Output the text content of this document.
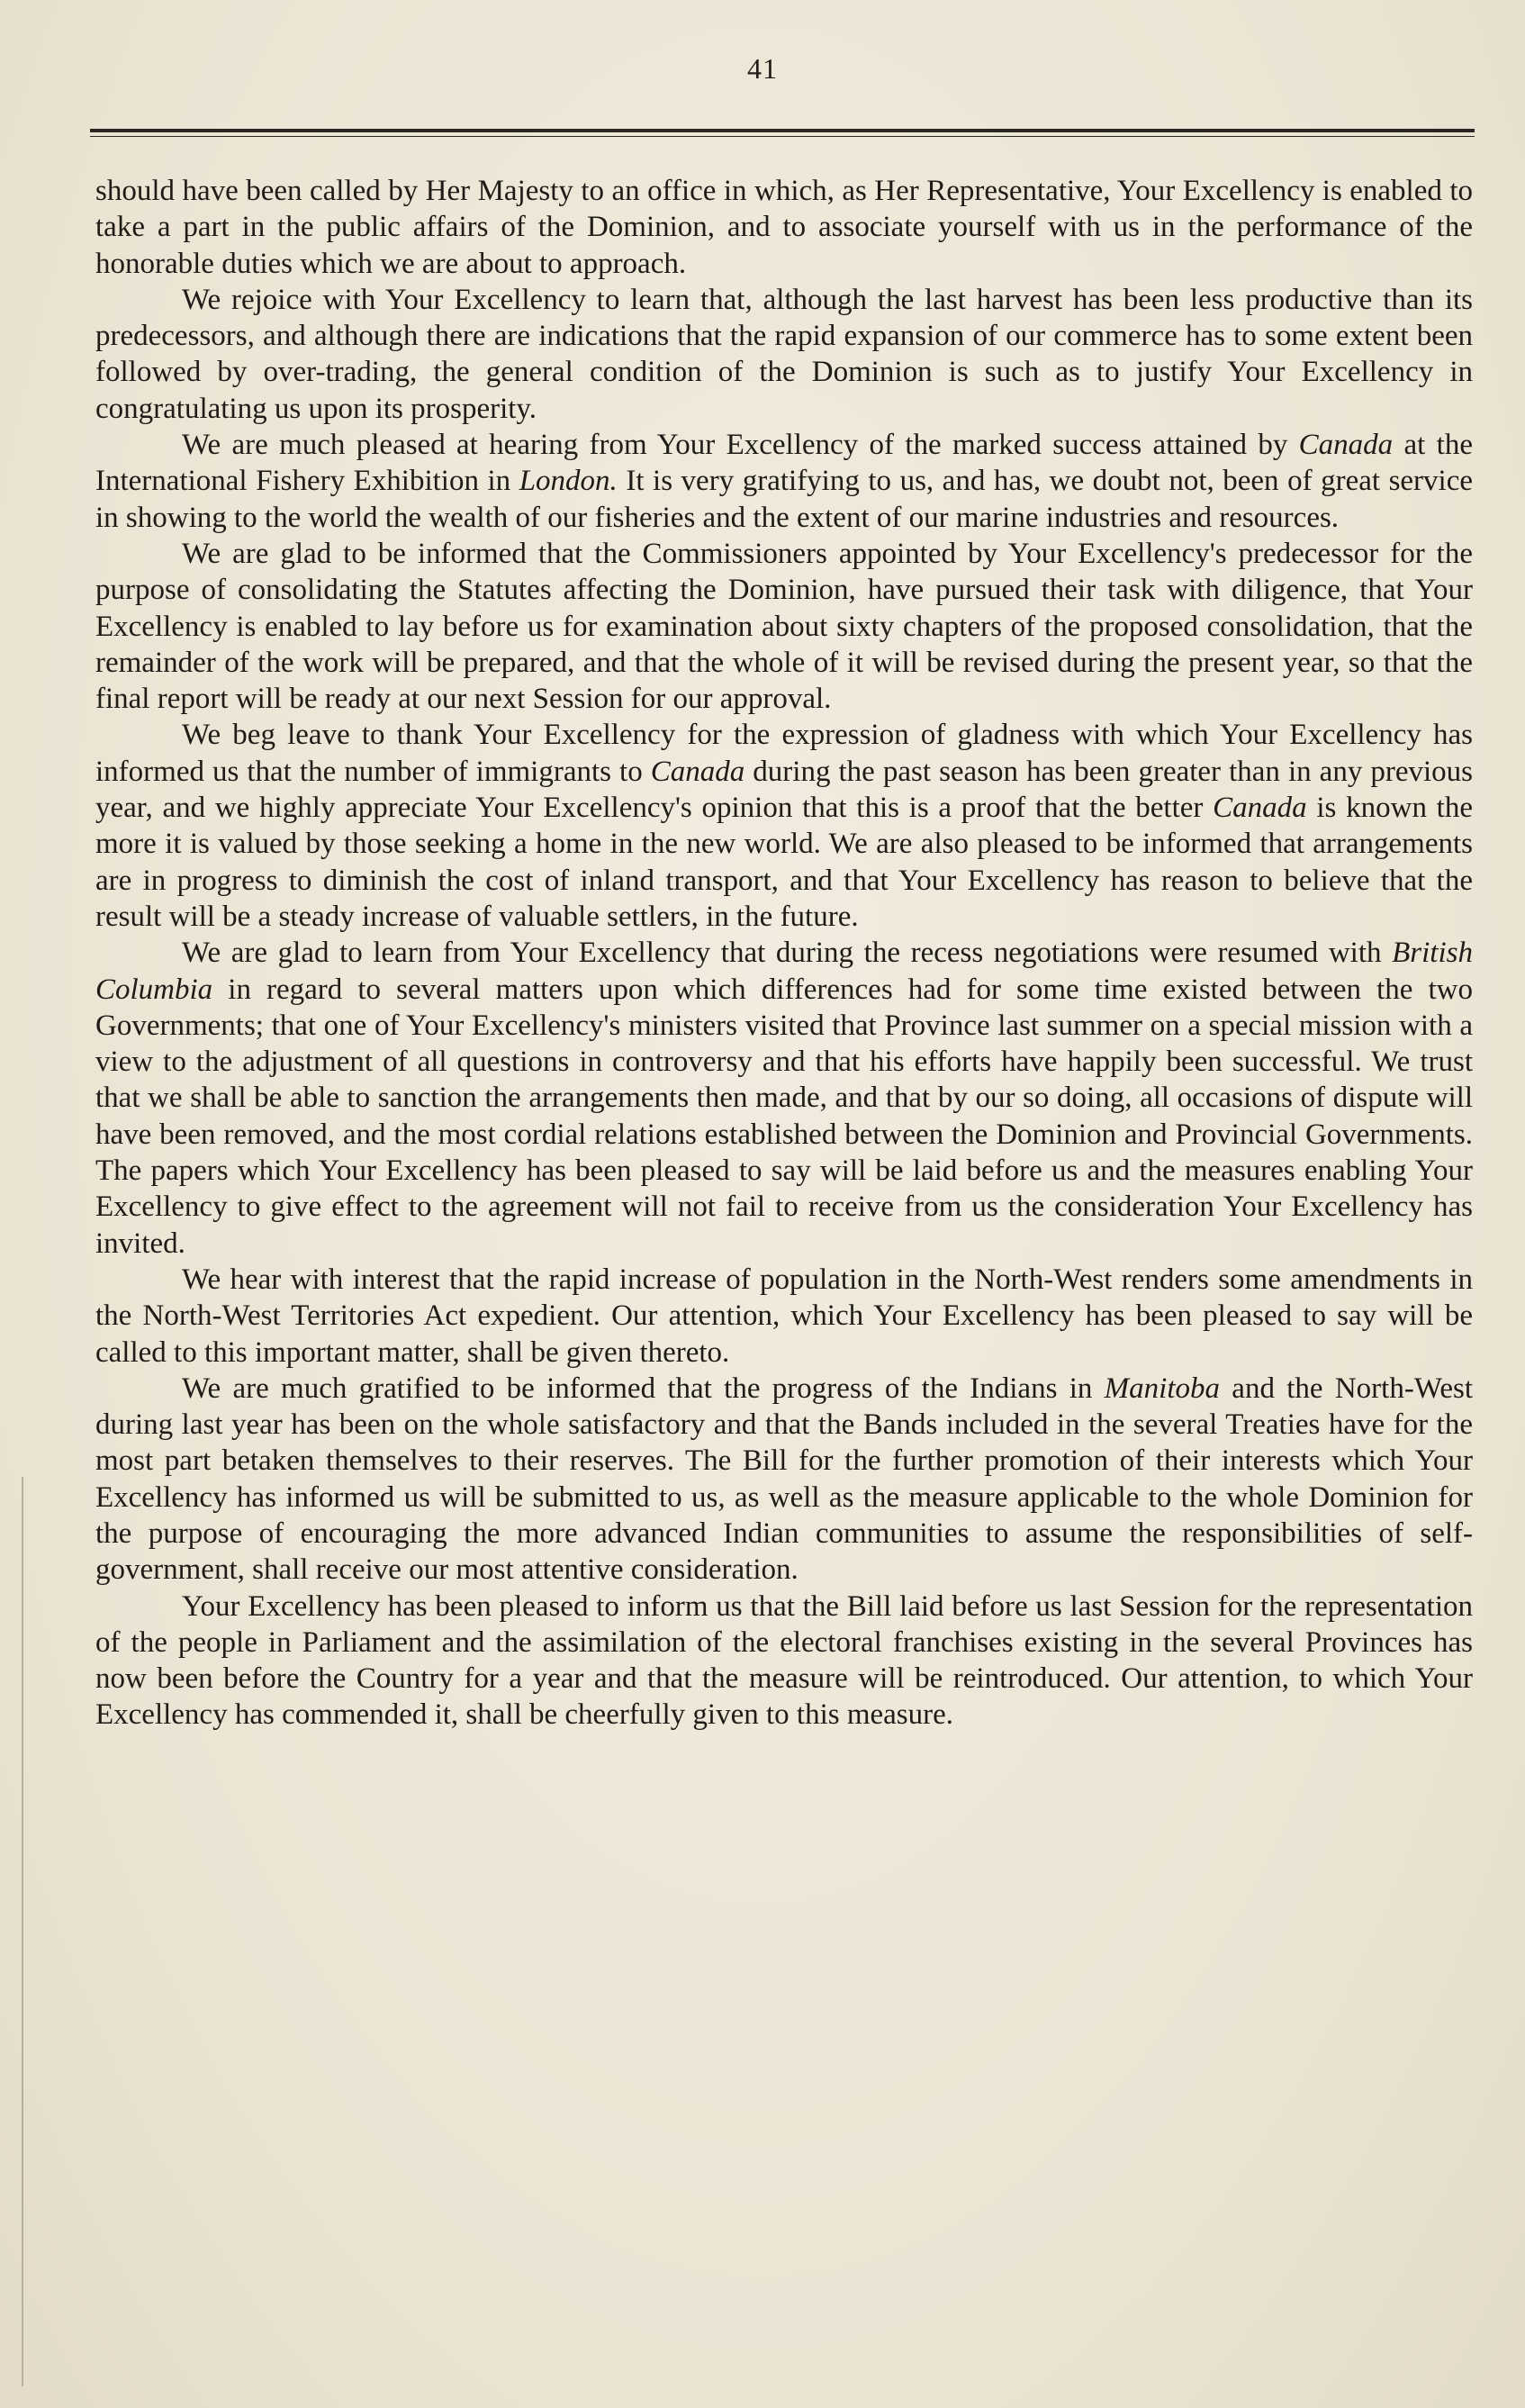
41

should have been called by Her Majesty to an office in which, as Her Representative, Your Excellency is enabled to take a part in the public affairs of the Dominion, and to associate yourself with us in the performance of the honorable duties which we are about to approach.

We rejoice with Your Excellency to learn that, although the last harvest has been less productive than its predecessors, and although there are indications that the rapid expansion of our commerce has to some extent been followed by over-trading, the general condition of the Dominion is such as to justify Your Excellency in congratulating us upon its prosperity.

We are much pleased at hearing from Your Excellency of the marked success attained by Canada at the International Fishery Exhibition in London. It is very gratifying to us, and has, we doubt not, been of great service in showing to the world the wealth of our fisheries and the extent of our marine industries and resources.

We are glad to be informed that the Commissioners appointed by Your Excellency's predecessor for the purpose of consolidating the Statutes affecting the Dominion, have pursued their task with diligence, that Your Excellency is enabled to lay before us for examination about sixty chapters of the proposed consolidation, that the remainder of the work will be prepared, and that the whole of it will be revised during the present year, so that the final report will be ready at our next Session for our approval.

We beg leave to thank Your Excellency for the expression of gladness with which Your Excellency has informed us that the number of immigrants to Canada during the past season has been greater than in any previous year, and we highly appreciate Your Excellency's opinion that this is a proof that the better Canada is known the more it is valued by those seeking a home in the new world. We are also pleased to be informed that arrangements are in progress to diminish the cost of inland transport, and that Your Excellency has reason to believe that the result will be a steady increase of valuable settlers, in the future.

We are glad to learn from Your Excellency that during the recess negotiations were resumed with British Columbia in regard to several matters upon which differences had for some time existed between the two Governments; that one of Your Excellency's ministers visited that Province last summer on a special mission with a view to the adjustment of all questions in controversy and that his efforts have happily been successful. We trust that we shall be able to sanction the arrangements then made, and that by our so doing, all occasions of dispute will have been removed, and the most cordial relations established between the Dominion and Provincial Governments. The papers which Your Excellency has been pleased to say will be laid before us and the measures enabling Your Excellency to give effect to the agreement will not fail to receive from us the consideration Your Excellency has invited.

We hear with interest that the rapid increase of population in the North-West renders some amendments in the North-West Territories Act expedient. Our attention, which Your Excellency has been pleased to say will be called to this important matter, shall be given thereto.

We are much gratified to be informed that the progress of the Indians in Manitoba and the North-West during last year has been on the whole satisfactory and that the Bands included in the several Treaties have for the most part betaken themselves to their reserves. The Bill for the further promotion of their interests which Your Excellency has informed us will be submitted to us, as well as the measure applicable to the whole Dominion for the purpose of encouraging the more advanced Indian communities to assume the responsibilities of self-government, shall receive our most attentive consideration.

Your Excellency has been pleased to inform us that the Bill laid before us last Session for the representation of the people in Parliament and the assimilation of the electoral franchises existing in the several Provinces has now been before the Country for a year and that the measure will be reintroduced. Our attention, to which Your Excellency has commended it, shall be cheerfully given to this measure.
